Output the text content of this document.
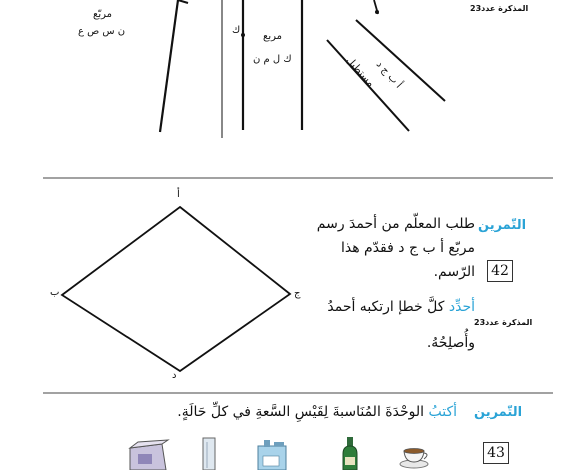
المذكرة عدد23
مربّع
ن س ص ع	ك
مربع
ك ل م ن	مستطيل
أ ب ج د
أ
ج
د
ب
التّمرين
طلب المعلّم من أحمدَ رسم
مربّع أ ب ج د فقدّم هذا
الرّسم. 42
أحدِّد كلَّ خطإ ارتكبه أحمدُ
المذكرة عدد23
وأُصلِحُهُ.
التّمرين
أكتبُ الوحْدَةَ المُنَاسبةَ لِقَيْسِ السَّعةِ في كلِّ حَالَةٍ.
43
